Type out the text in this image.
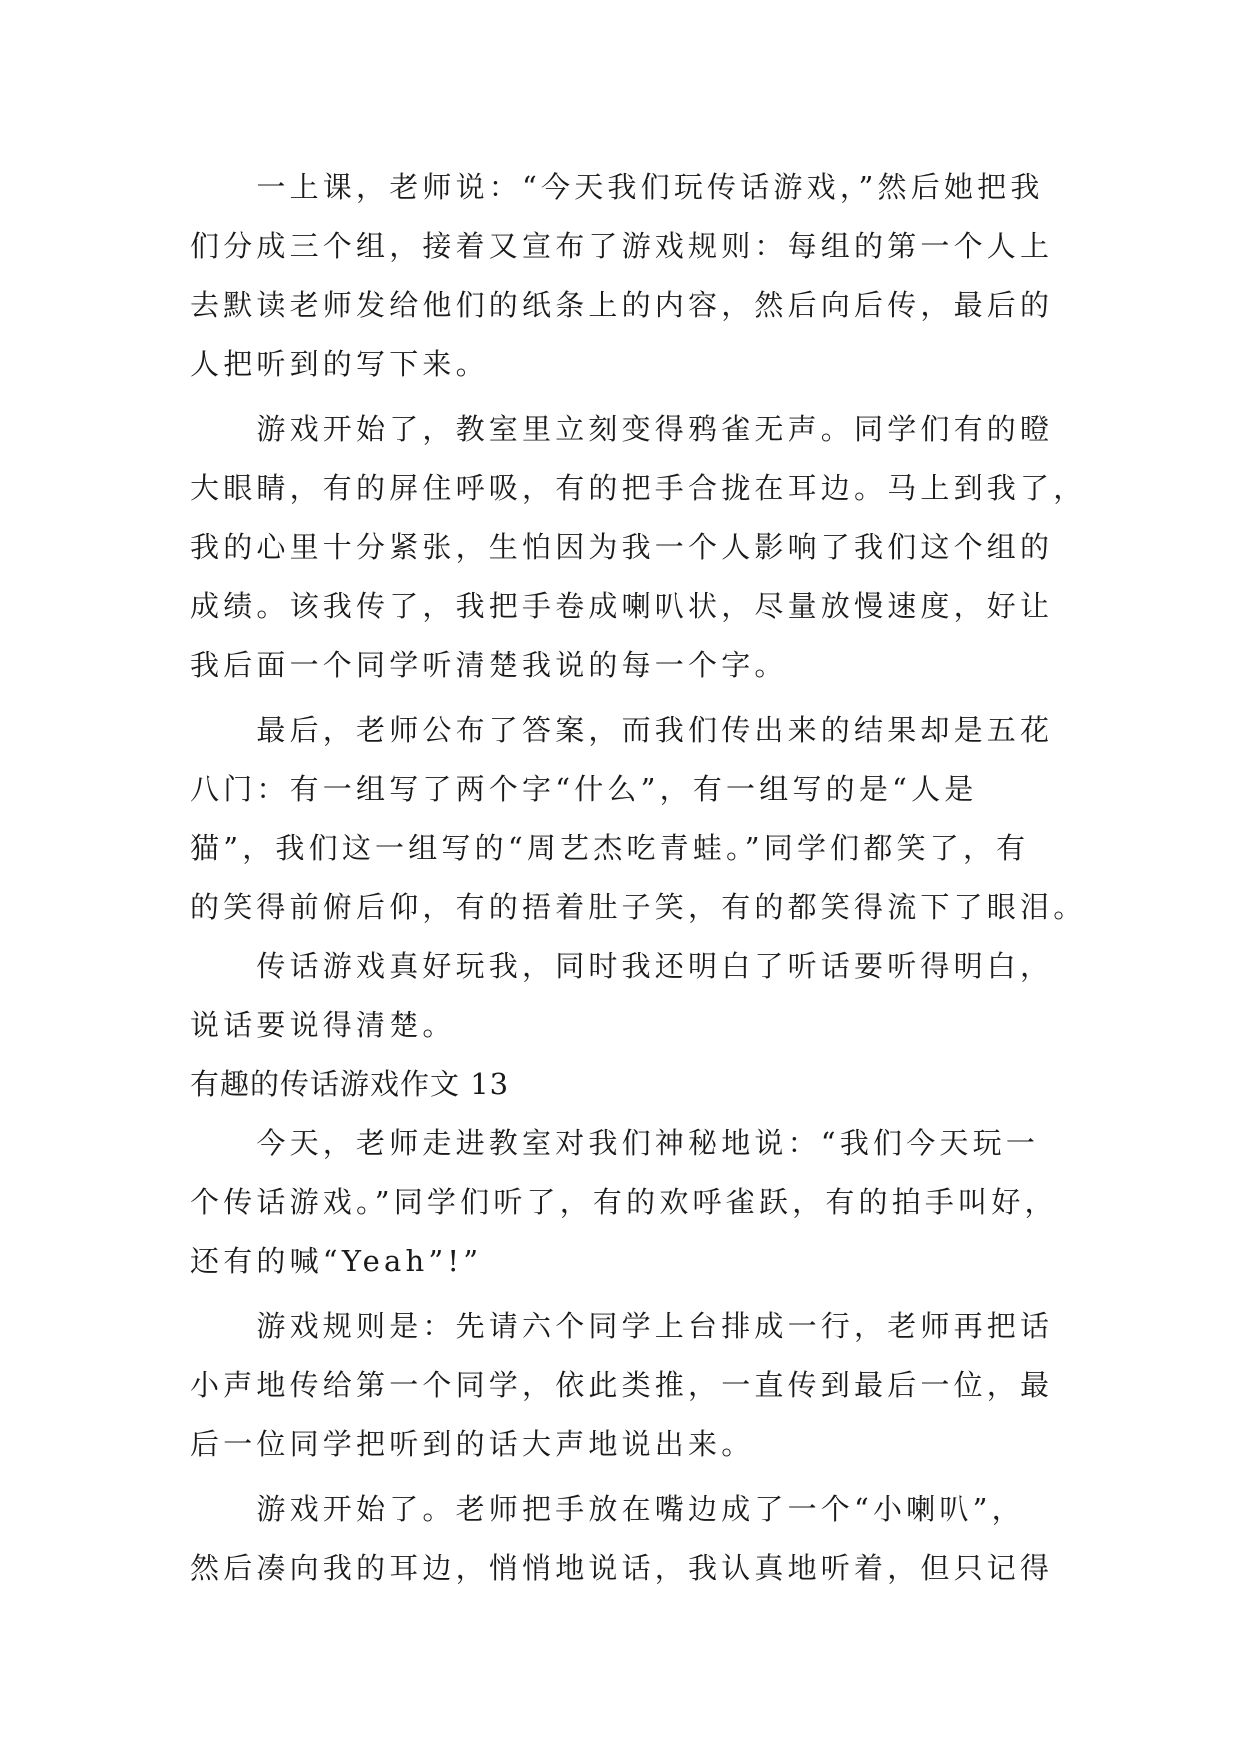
　　一上课，老师说：“今天我们玩传话游戏，”然后她把我
们分成三个组，接着又宣布了游戏规则：每组的第一个人上
去默读老师发给他们的纸条上的内容，然后向后传，最后的
人把听到的写下来。
　　游戏开始了，教室里立刻变得鸦雀无声。同学们有的瞪
大眼睛，有的屏住呼吸，有的把手合拢在耳边。马上到我了，
我的心里十分紧张，生怕因为我一个人影响了我们这个组的
成绩。该我传了，我把手卷成喇叭状，尽量放慢速度，好让
我后面一个同学听清楚我说的每一个字。
　　最后，老师公布了答案，而我们传出来的结果却是五花
八门：有一组写了两个字“什么”，有一组写的是“人是
猫”，我们这一组写的“周艺杰吃青蛙。”同学们都笑了，有
的笑得前俯后仰，有的捂着肚子笑，有的都笑得流下了眼泪。
　　传话游戏真好玩我，同时我还明白了听话要听得明白，
说话要说得清楚。
有趣的传话游戏作文 13
　　今天，老师走进教室对我们神秘地说：“我们今天玩一
个传话游戏。”同学们听了，有的欢呼雀跃，有的拍手叫好，
还有的喊“Yeah”!”
　　游戏规则是：先请六个同学上台排成一行，老师再把话
小声地传给第一个同学，依此类推，一直传到最后一位，最
后一位同学把听到的话大声地说出来。
　　游戏开始了。老师把手放在嘴边成了一个“小喇叭”，
然后凑向我的耳边，悄悄地说话，我认真地听着，但只记得
